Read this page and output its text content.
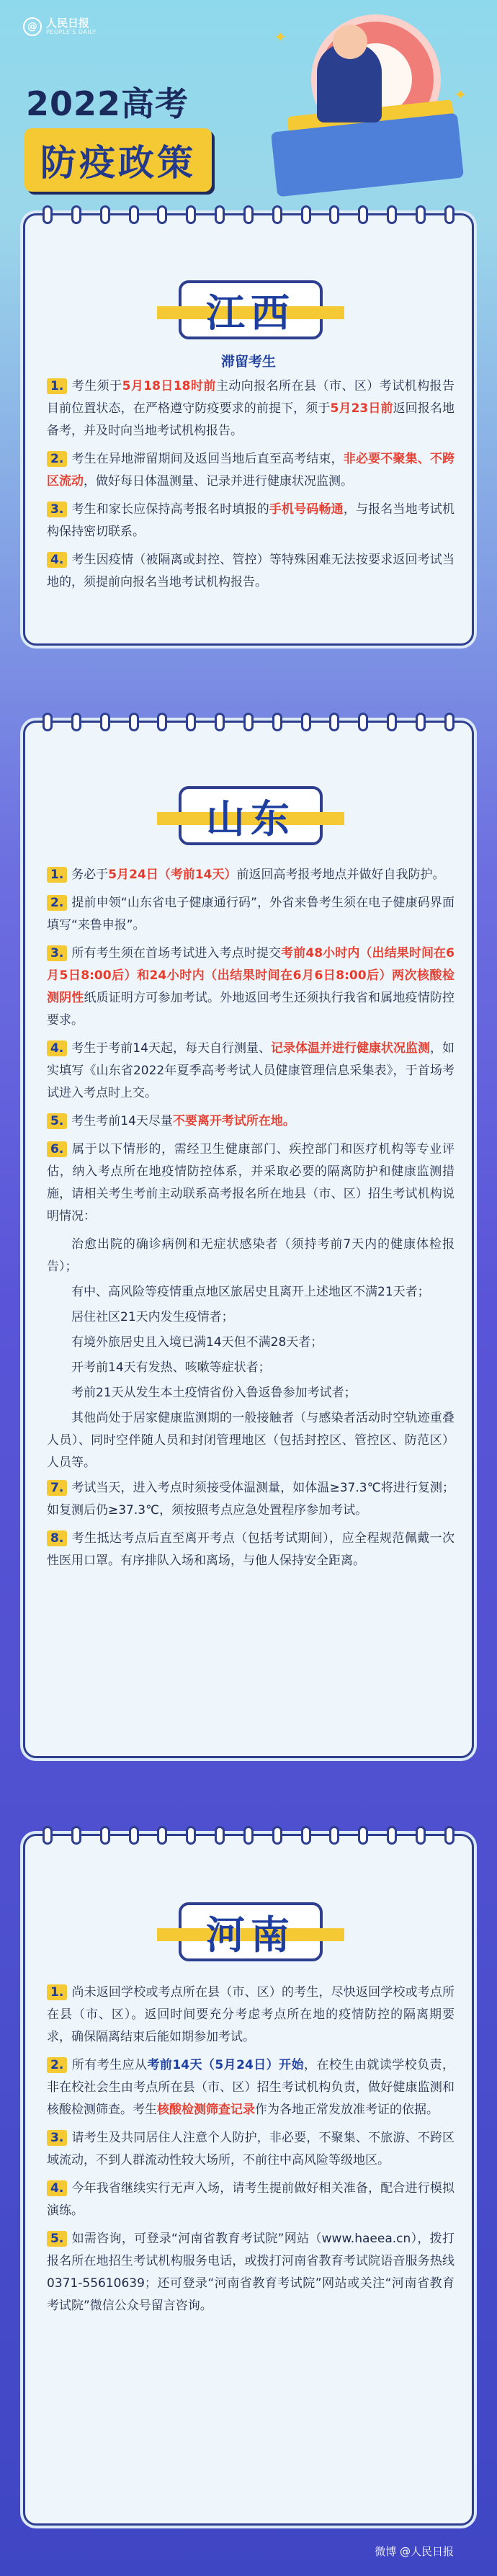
@ 人民日报
PEOPLE'S DAILY	✦
✦
2022高考
防疫政策
江西
滞留考生
1. 考生须于5月18日18时前主动向报名所在县（市、区）考试机构报告目前位置状态，在严格遵守防疫要求的前提下，须于5月23日前返回报名地备考，并及时向当地考试机构报告。
2. 考生在异地滞留期间及返回当地后直至高考结束，非必要不聚集、不跨区流动，做好每日体温测量、记录并进行健康状况监测。
3. 考生和家长应保持高考报名时填报的手机号码畅通，与报名当地考试机构保持密切联系。
4. 考生因疫情（被隔离或封控、管控）等特殊困难无法按要求返回考试当地的，须提前向报名当地考试机构报告。
山东
1. 务必于5月24日（考前14天）前返回高考报考地点并做好自我防护。
2. 提前申领“山东省电子健康通行码”，外省来鲁考生须在电子健康码界面填写“来鲁申报”。
3. 所有考生须在首场考试进入考点时提交考前48小时内（出结果时间在6月5日8:00后）和24小时内（出结果时间在6月6日8:00后）两次核酸检测阴性纸质证明方可参加考试。外地返回考生还须执行我省和属地疫情防控要求。
4. 考生于考前14天起，每天自行测量、记录体温并进行健康状况监测，如实填写《山东省2022年夏季高考考试人员健康管理信息采集表》，于首场考试进入考点时上交。
5. 考生考前14天尽量不要离开考试所在地。
6. 属于以下情形的，需经卫生健康部门、疾控部门和医疗机构等专业评估，纳入考点所在地疫情防控体系，并采取必要的隔离防护和健康监测措施，请相关考生考前主动联系高考报名所在地县（市、区）招生考试机构说明情况：
治愈出院的确诊病例和无症状感染者（须持考前7天内的健康体检报告）；
有中、高风险等疫情重点地区旅居史且离开上述地区不满21天者；
居住社区21天内发生疫情者；
有境外旅居史且入境已满14天但不满28天者；
开考前14天有发热、咳嗽等症状者；
考前21天从发生本土疫情省份入鲁返鲁参加考试者；
其他尚处于居家健康监测期的一般接触者（与感染者活动时空轨迹重叠人员）、同时空伴随人员和封闭管理地区（包括封控区、管控区、防范区）人员等。
7. 考试当天，进入考点时须接受体温测量，如体温≥37.3℃将进行复测；如复测后仍≥37.3℃，须按照考点应急处置程序参加考试。
8. 考生抵达考点后直至离开考点（包括考试期间），应全程规范佩戴一次性医用口罩。有序排队入场和离场，与他人保持安全距离。
河南
1. 尚未返回学校或考点所在县（市、区）的考生，尽快返回学校或考点所在县（市、区）。返回时间要充分考虑考点所在地的疫情防控的隔离期要求，确保隔离结束后能如期参加考试。
2. 所有考生应从考前14天（5月24日）开始，在校生由就读学校负责，非在校社会生由考点所在县（市、区）招生考试机构负责，做好健康监测和核酸检测筛查。考生核酸检测筛查记录作为各地正常发放准考证的依据。
3. 请考生及共同居住人注意个人防护，非必要，不聚集、不旅游、不跨区域流动，不到人群流动性较大场所，不前往中高风险等级地区。
4. 今年我省继续实行无声入场，请考生提前做好相关准备，配合进行模拟演练。
5. 如需咨询，可登录“河南省教育考试院”网站（www.haeea.cn），拨打报名所在地招生考试机构服务电话，或拨打河南省教育考试院语音服务热线0371-55610639；还可登录“河南省教育考试院”网站或关注“河南省教育考试院”微信公众号留言咨询。
微博 @人民日报
